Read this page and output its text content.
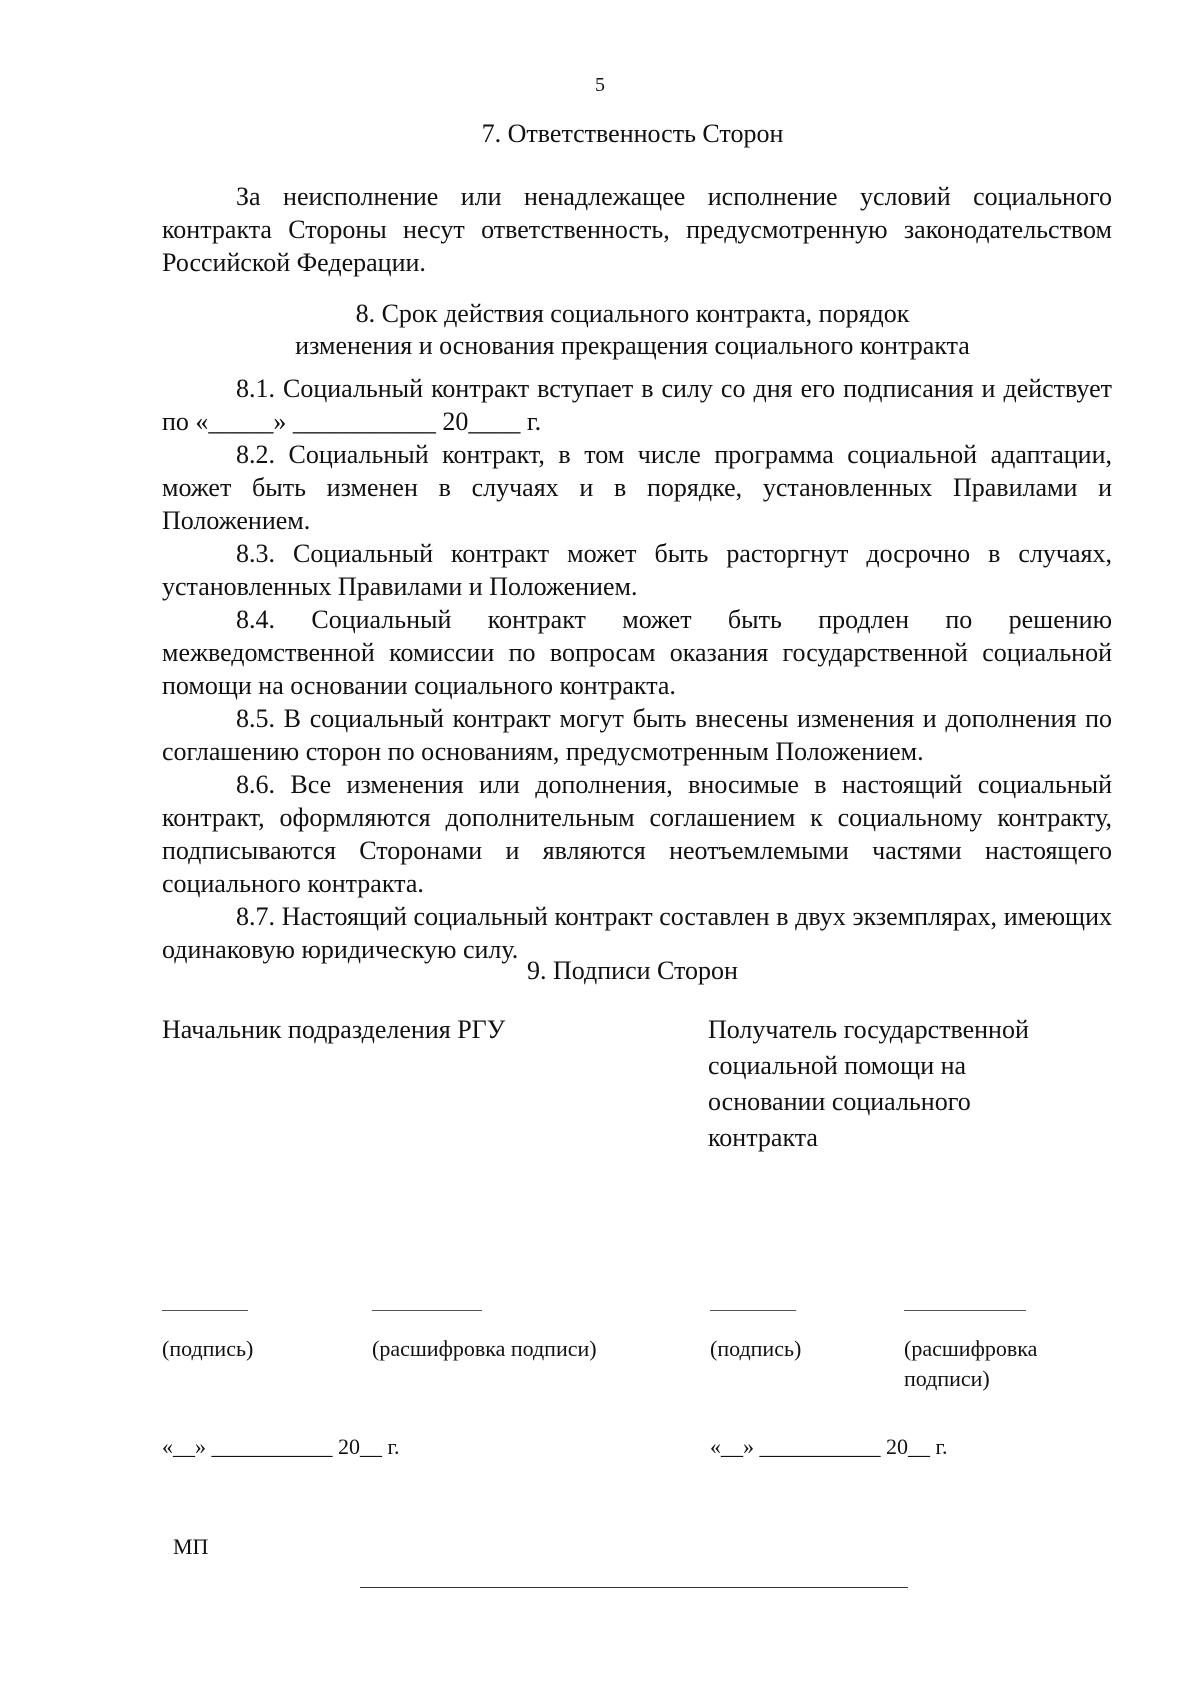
5
7. Ответственность Сторон

За неисполнение или ненадлежащее исполнение условий социального контракта Стороны несут ответственность, предусмотренную законодательством Российской Федерации.

8. Срок действия социального контракта, порядок
изменения и основания прекращения социального контракта

8.1. Социальный контракт вступает в силу со дня его подписания и действует по «_____» ___________ 20____ г.

8.2. Социальный контракт, в том числе программа социальной адаптации, может быть изменен в случаях и в порядке, установленных Правилами и Положением.

8.3. Социальный контракт может быть расторгнут досрочно в случаях, установленных Правилами и Положением.

8.4. Социальный контракт может быть продлен по решению межведомственной комиссии по вопросам оказания государственной социальной помощи на основании социального контракта.

8.5. В социальный контракт могут быть внесены изменения и дополнения по соглашению сторон по основаниям, предусмотренным Положением.

8.6. Все изменения или дополнения, вносимые в настоящий социальный контракт, оформляются дополнительным соглашением к социальному контракту, подписываются Сторонами и являются неотъемлемыми частями настоящего социального контракта.

8.7. Настоящий социальный контракт составлен в двух экземплярах, имеющих одинаковую юридическую силу.

9. Подписи Сторон
Начальник подразделения РГУ	Получатель государственной
социальной помощи на
основании социального
контракта
(подпись)	(расшифровка подписи)	(подпись)	(расшифровка
подписи)
«__» ___________ 20__ г.	«__» ___________ 20__ г.
МП
